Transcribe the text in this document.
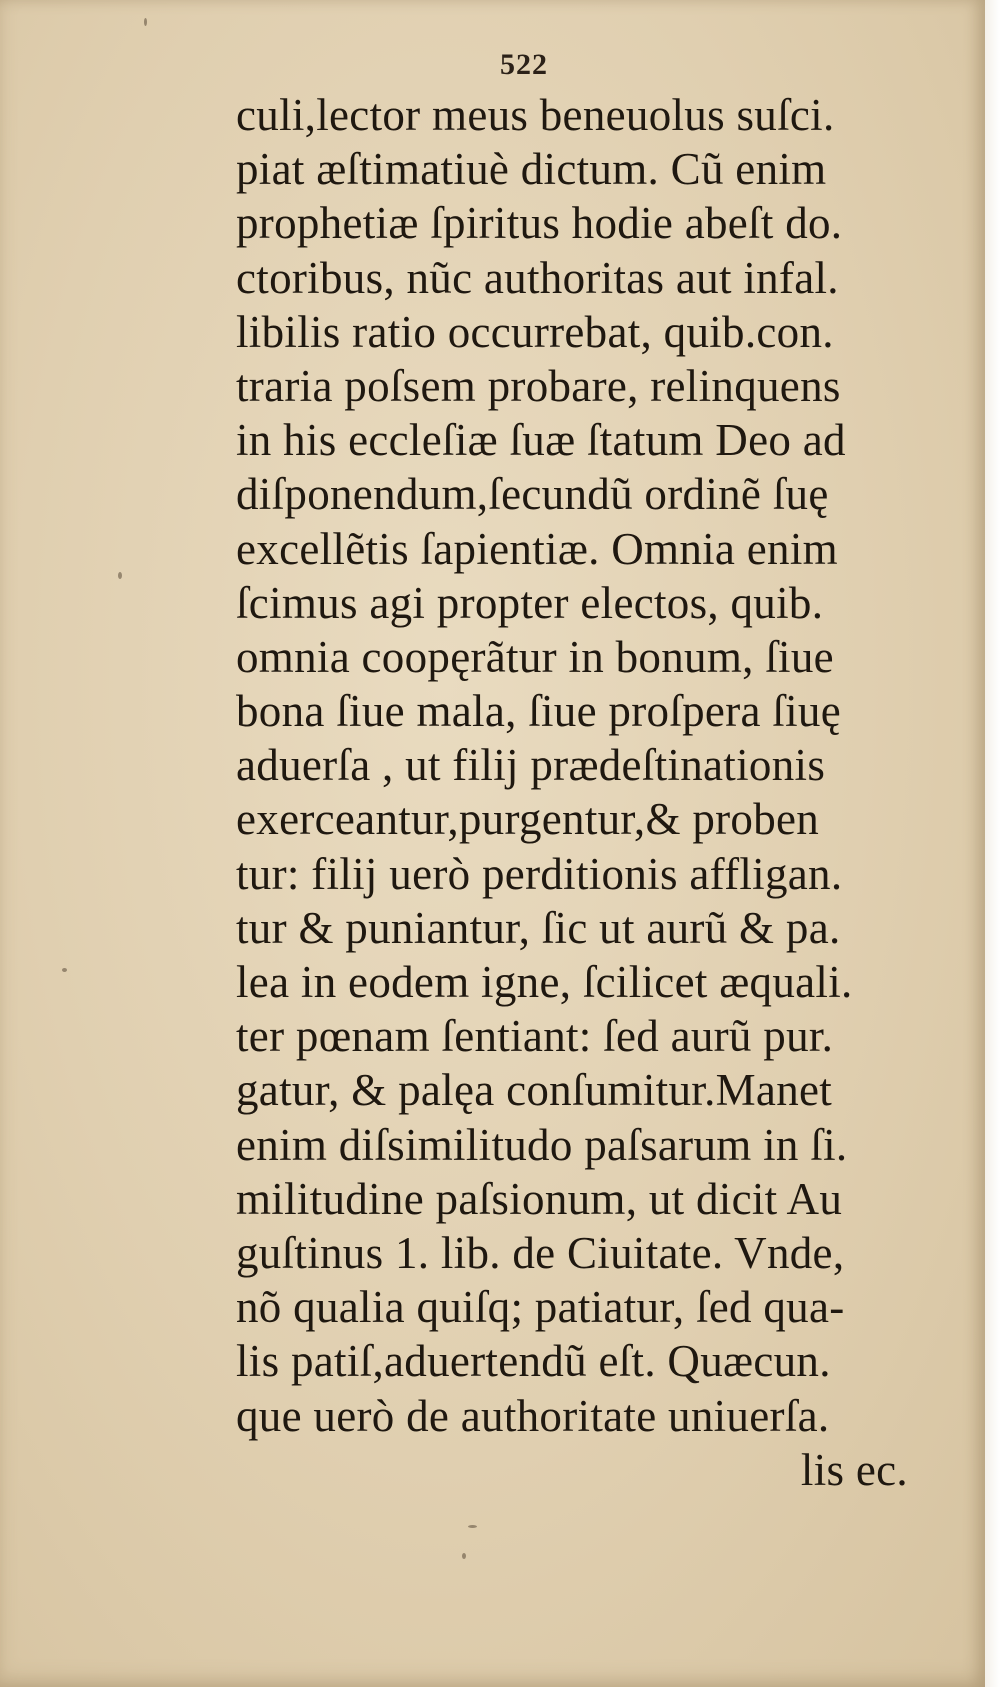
522

culi,lector meus beneuolus suſci.
piat æſtimatiuè dictum. Cũ enim
prophetiæ ſpiritus hodie abeſt do.
ctoribus, nũc authoritas aut infal.
libilis ratio occurrebat, quib.con.
traria poſsem probare, relinquens
in his eccleſiæ ſuæ ſtatum Deo ad
diſponendum,ſecundũ ordinẽ ſuę
excellẽtis ſapientiæ. Omnia enim
ſcimus agi propter electos, quib.
omnia coopęrãtur in bonum, ſiue
bona ſiue mala, ſiue proſpera ſiuę
aduerſa , ut filij prædeſtinationis
exerceantur,purgentur,& proben
tur: filij uerò perditionis affligan.
tur & puniantur, ſic ut aurũ & pa.
lea in eodem igne, ſcilicet æquali.
ter pœnam ſentiant: ſed aurũ pur.
gatur, & palęa conſumitur.Manet
enim diſsimilitudo paſsarum in ſi.
militudine paſsionum, ut dicit Au
guſtinus 1. lib. de Ciuitate. Vnde,
nõ qualia quiſq; patiatur, ſed qua-
lis patiſ,aduertendũ eſt. Quæcun.
que uerò de authoritate uniuerſa.
lis ec.
